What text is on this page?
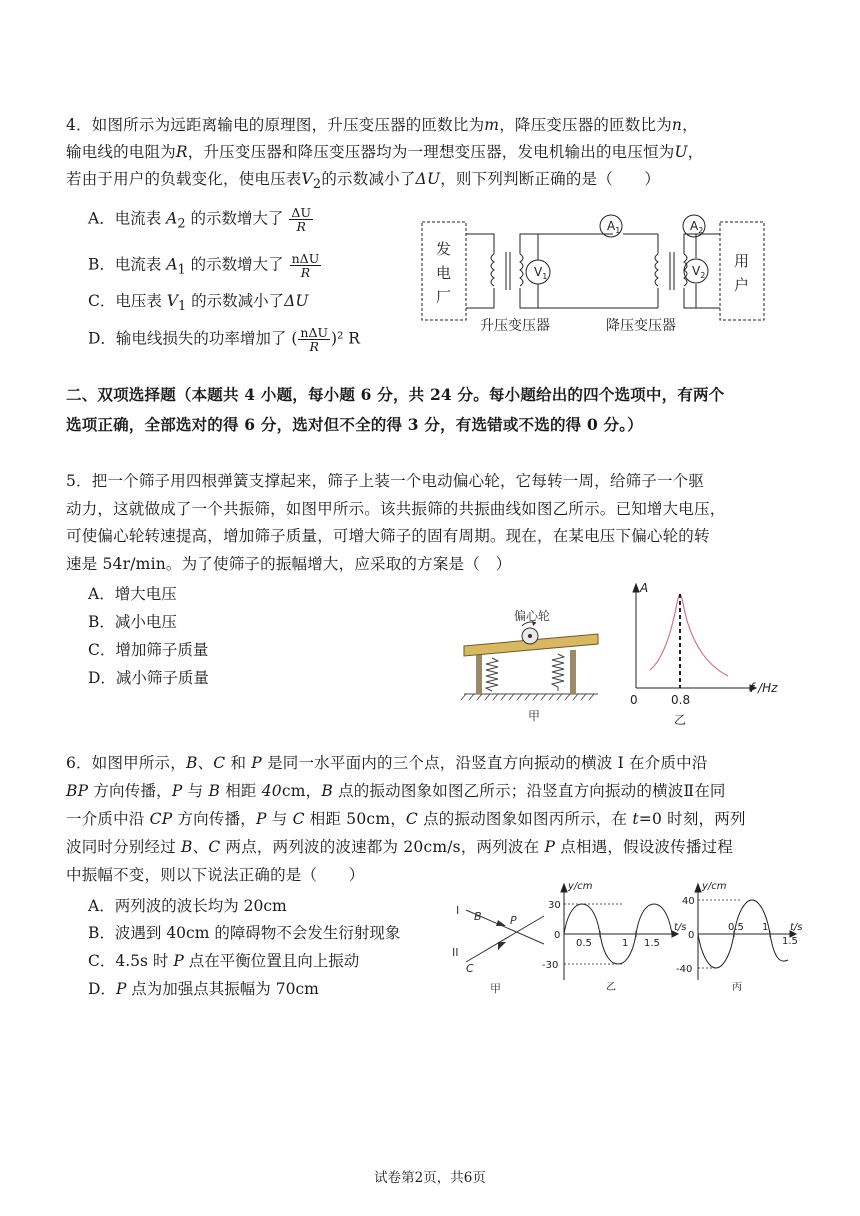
4．如图所示为远距离输电的原理图，升压变压器的匝数比为m，降压变压器的匝数比为n，
输电线的电阻为R，升压变压器和降压变压器均为一理想变压器，发电机输出的电压恒为U，
若由于用户的负载变化，使电压表$V_2$的示数减小了ΔU，则下列判断正确的是（　　）

A．电流表 $A_2$ 的示数增大了 $\frac{\Delta U}{R}$
B．电流表 $A_1$ 的示数增大了 $\frac{\text{nΔU}}{R}$
C．电压表 $V_1$ 的示数减小了ΔU
D．输电线损失的功率增加了 ( $\frac{\text{nΔU}}{R} )^2$ R
$V_1$
$A_1$
$V_2$
$A_2$
发
电
厂
用
户
升压变压器	降压变压器

二、双项选择题（本题共 4 小题，每小题 6 分，共 24 分。每小题给出的四个选项中，有两个
选项正确，全部选对的得 6 分，选对但不全的得 3 分，有选错或不选的得 0 分。）

5．把一个筛子用四根弹簧支撑起来，筛子上装一个电动偏心轮，它每转一周，给筛子一个驱
动力，这就做成了一个共振筛，如图甲所示。该共振筛的共振曲线如图乙所示。已知增大电压，
可使偏心轮转速提高，增加筛子质量，可增大筛子的固有周期。现在，在某电压下偏心轮的转
速是 54r/min。为了使筛子的振幅增大，应采取的方案是（　）

A．增大电压
B．减小电压
C．增加筛子质量
D．减小筛子质量
偏心轮
甲
A
f /Hz
0	0.8
乙

6．如图甲所示，B、C 和 P 是同一水平面内的三个点，沿竖直方向振动的横波 I 在介质中沿
BP 方向传播，P 与 B 相距 40cm，B 点的振动图象如图乙所示；沿竖直方向振动的横波Ⅱ在同
一介质中沿 CP 方向传播，P 与 C 相距 50cm，C 点的振动图象如图丙所示，在 t=0 时刻，两列
波同时分别经过 B、C 两点，两列波的波速都为 20cm/s，两列波在 P 点相遇，假设波传播过程
中振幅不变，则以下说法正确的是（　　）

A．两列波的波长均为 20cm
B．波遇到 40cm 的障碍物不会发生衍射现象
C．4.5s 时 P 点在平衡位置且向上振动
D．P 点为加强点其振幅为 70cm
I B
II
C
P
甲
y/cm
t/s
30
-30
0
0.5	1 1.5
乙
y/cm
t/s
40
-40
0
0.5 1
1.5
丙
试卷第2页，共6页
